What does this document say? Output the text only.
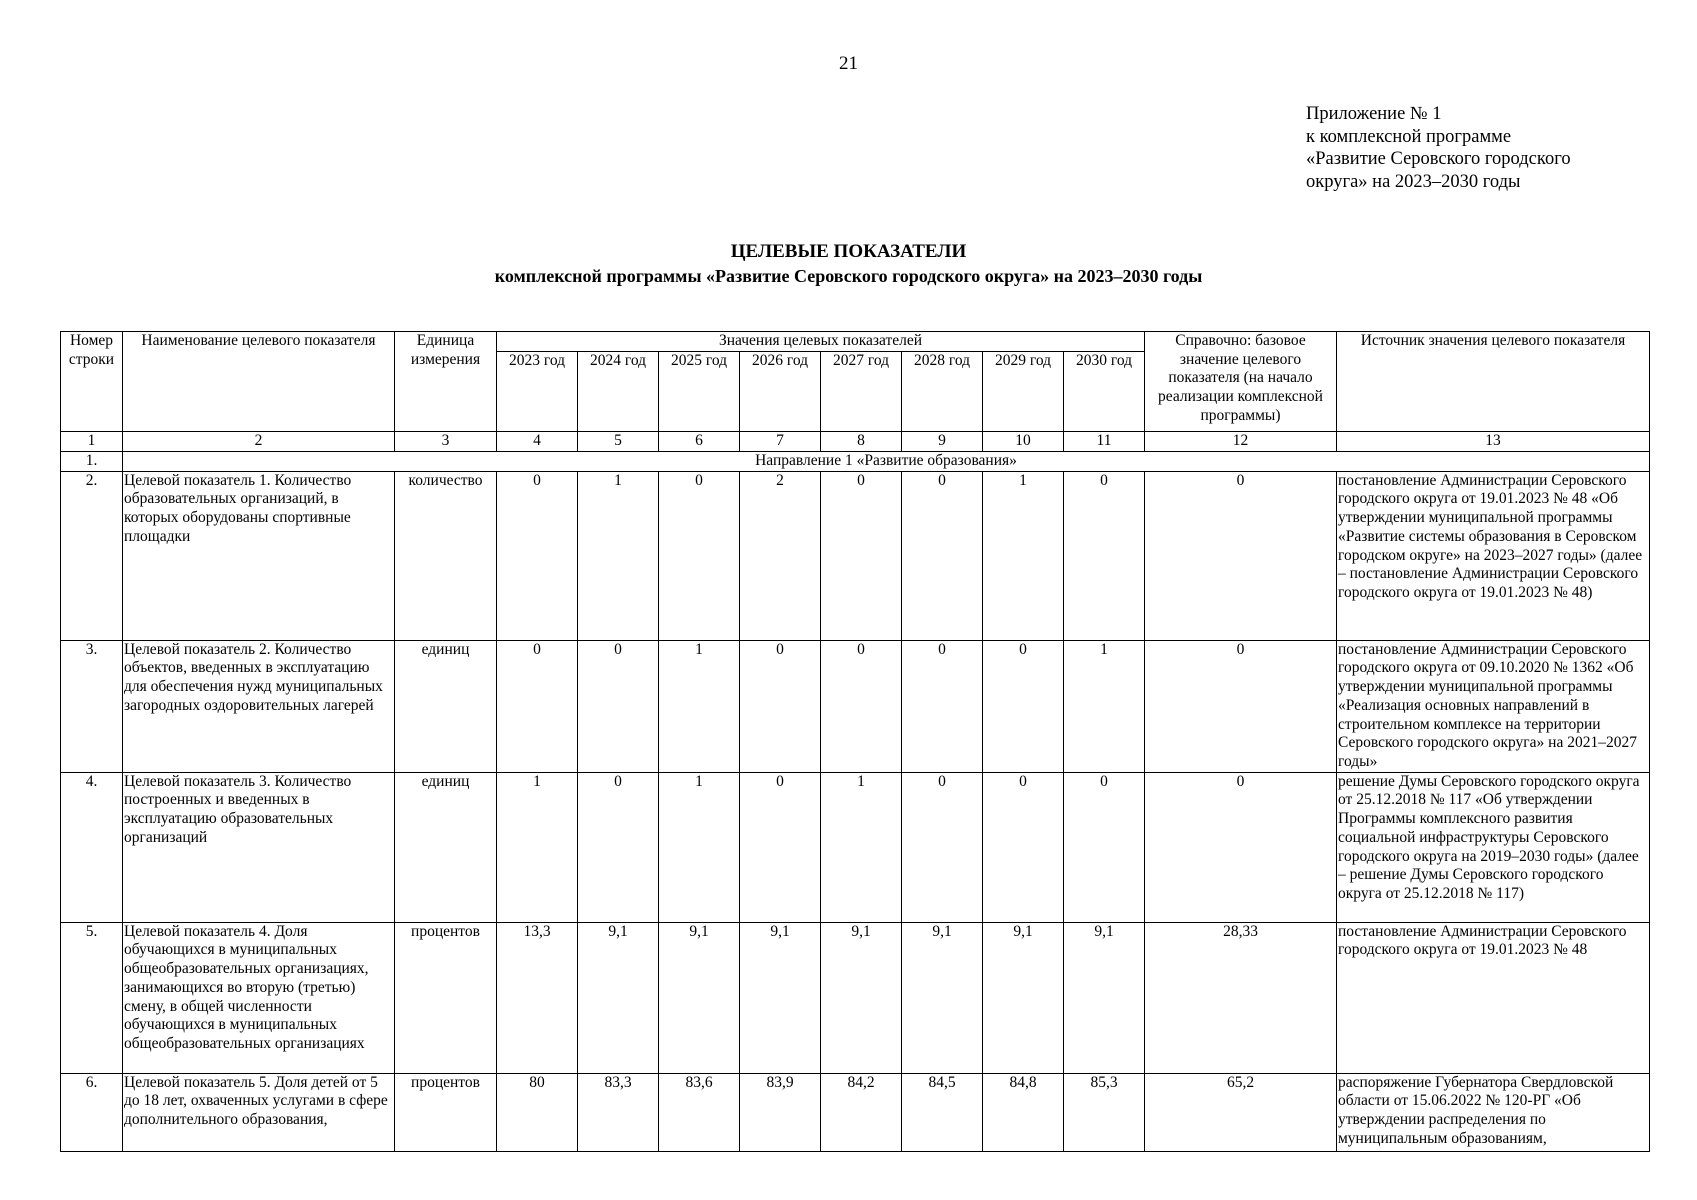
21
Приложение № 1
к комплексной программе
«Развитие Серовского городского
округа» на 2023–2030 годы
ЦЕЛЕВЫЕ ПОКАЗАТЕЛИ
комплексной программы «Развитие Серовского городского округа» на 2023–2030 годы
Номер строки	Наименование целевого показателя	Единица измерения	Значения целевых показателей								Справочно: базовое значение целевого показателя (на начало реализации комплексной программы)	Источник значения целевого показателя
			2023 год	2024 год	2025 год	2026 год	2027 год	2028 год	2029 год	2030 год		
1	2	3	4	5	6	7	8	9	10	11	12	13
1.	Направление 1 «Развитие образования»											
2.	Целевой показатель 1. Количество образовательных организаций, в которых оборудованы спортивные площадки	количество	0	1	0	2	0	0	1	0	0	постановление Администрации Серовского городского округа от 19.01.2023 № 48 «Об утверждении муниципальной программы «Развитие системы образования в Серовском городском округе» на 2023–2027 годы» (далее – постановление Администрации Серовского городского округа от 19.01.2023 № 48)
3.	Целевой показатель 2. Количество объектов, введенных в эксплуатацию для обеспечения нужд муниципальных загородных оздоровительных лагерей	единиц	0	0	1	0	0	0	0	1	0	постановление Администрации Серовского городского округа от 09.10.2020 № 1362 «Об утверждении муниципальной программы «Реализация основных направлений в строительном комплексе на территории Серовского городского округа» на 2021–2027 годы»
4.	Целевой показатель 3. Количество построенных и введенных в эксплуатацию образовательных организаций	единиц	1	0	1	0	1	0	0	0	0	решение Думы Серовского городского округа от 25.12.2018 № 117 «Об утверждении Программы комплексного развития социальной инфраструктуры Серовского городского округа на 2019–2030 годы» (далее – решение Думы Серовского городского округа от 25.12.2018 № 117)
5.	Целевой показатель 4. Доля обучающихся в муниципальных общеобразовательных организациях, занимающихся во вторую (третью) смену, в общей численности обучающихся в муниципальных общеобразовательных организациях	процентов	13,3	9,1	9,1	9,1	9,1	9,1	9,1	9,1	28,33	постановление Администрации Серовского городского округа от 19.01.2023 № 48
6.	Целевой показатель 5. Доля детей от 5 до 18 лет, охваченных услугами в сфере дополнительного образования,	процентов	80	83,3	83,6	83,9	84,2	84,5	84,8	85,3	65,2	распоряжение Губернатора Свердловской области от 15.06.2022 № 120-РГ «Об утверждении распределения по муниципальным образованиям,
